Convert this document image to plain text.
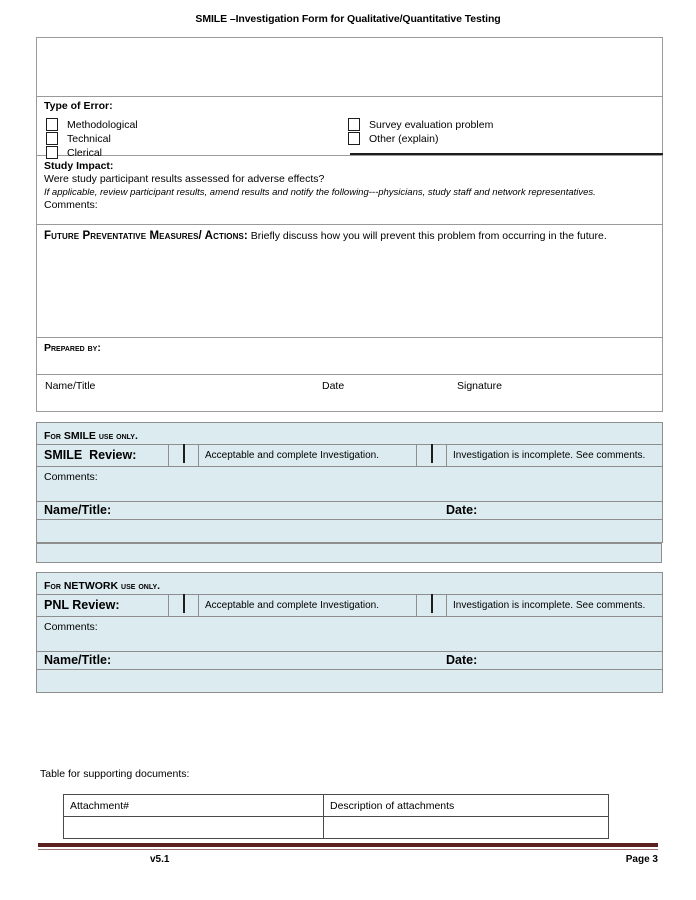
SMILE –Investigation Form for Qualitative/Quantitative Testing

Type of Error:
Methodological
Technical
Clerical
Survey evaluation problem
Other (explain)

Study Impact:
Were study participant results assessed for adverse effects?
If applicable, review participant results, amend results and notify the following---physicians, study staff and network representatives.
Comments:

Future Preventative Measures/ Actions: Briefly discuss how you will prevent this problem from occurring in the future.

Prepared by:

Name/Title	Date	Signature
For SMILE use only.

SMILE  Review:		Acceptable and complete Investigation.		Investigation is incomplete. See comments.

Comments:

Name/Title:	Date:

For NETWORK use only.

PNL Review:		Acceptable and complete Investigation.		Investigation is incomplete. See comments.

Comments:

Name/Title:	Date:

Table for supporting documents:
Attachment#	Description of attachments

v5.1	Page 3
